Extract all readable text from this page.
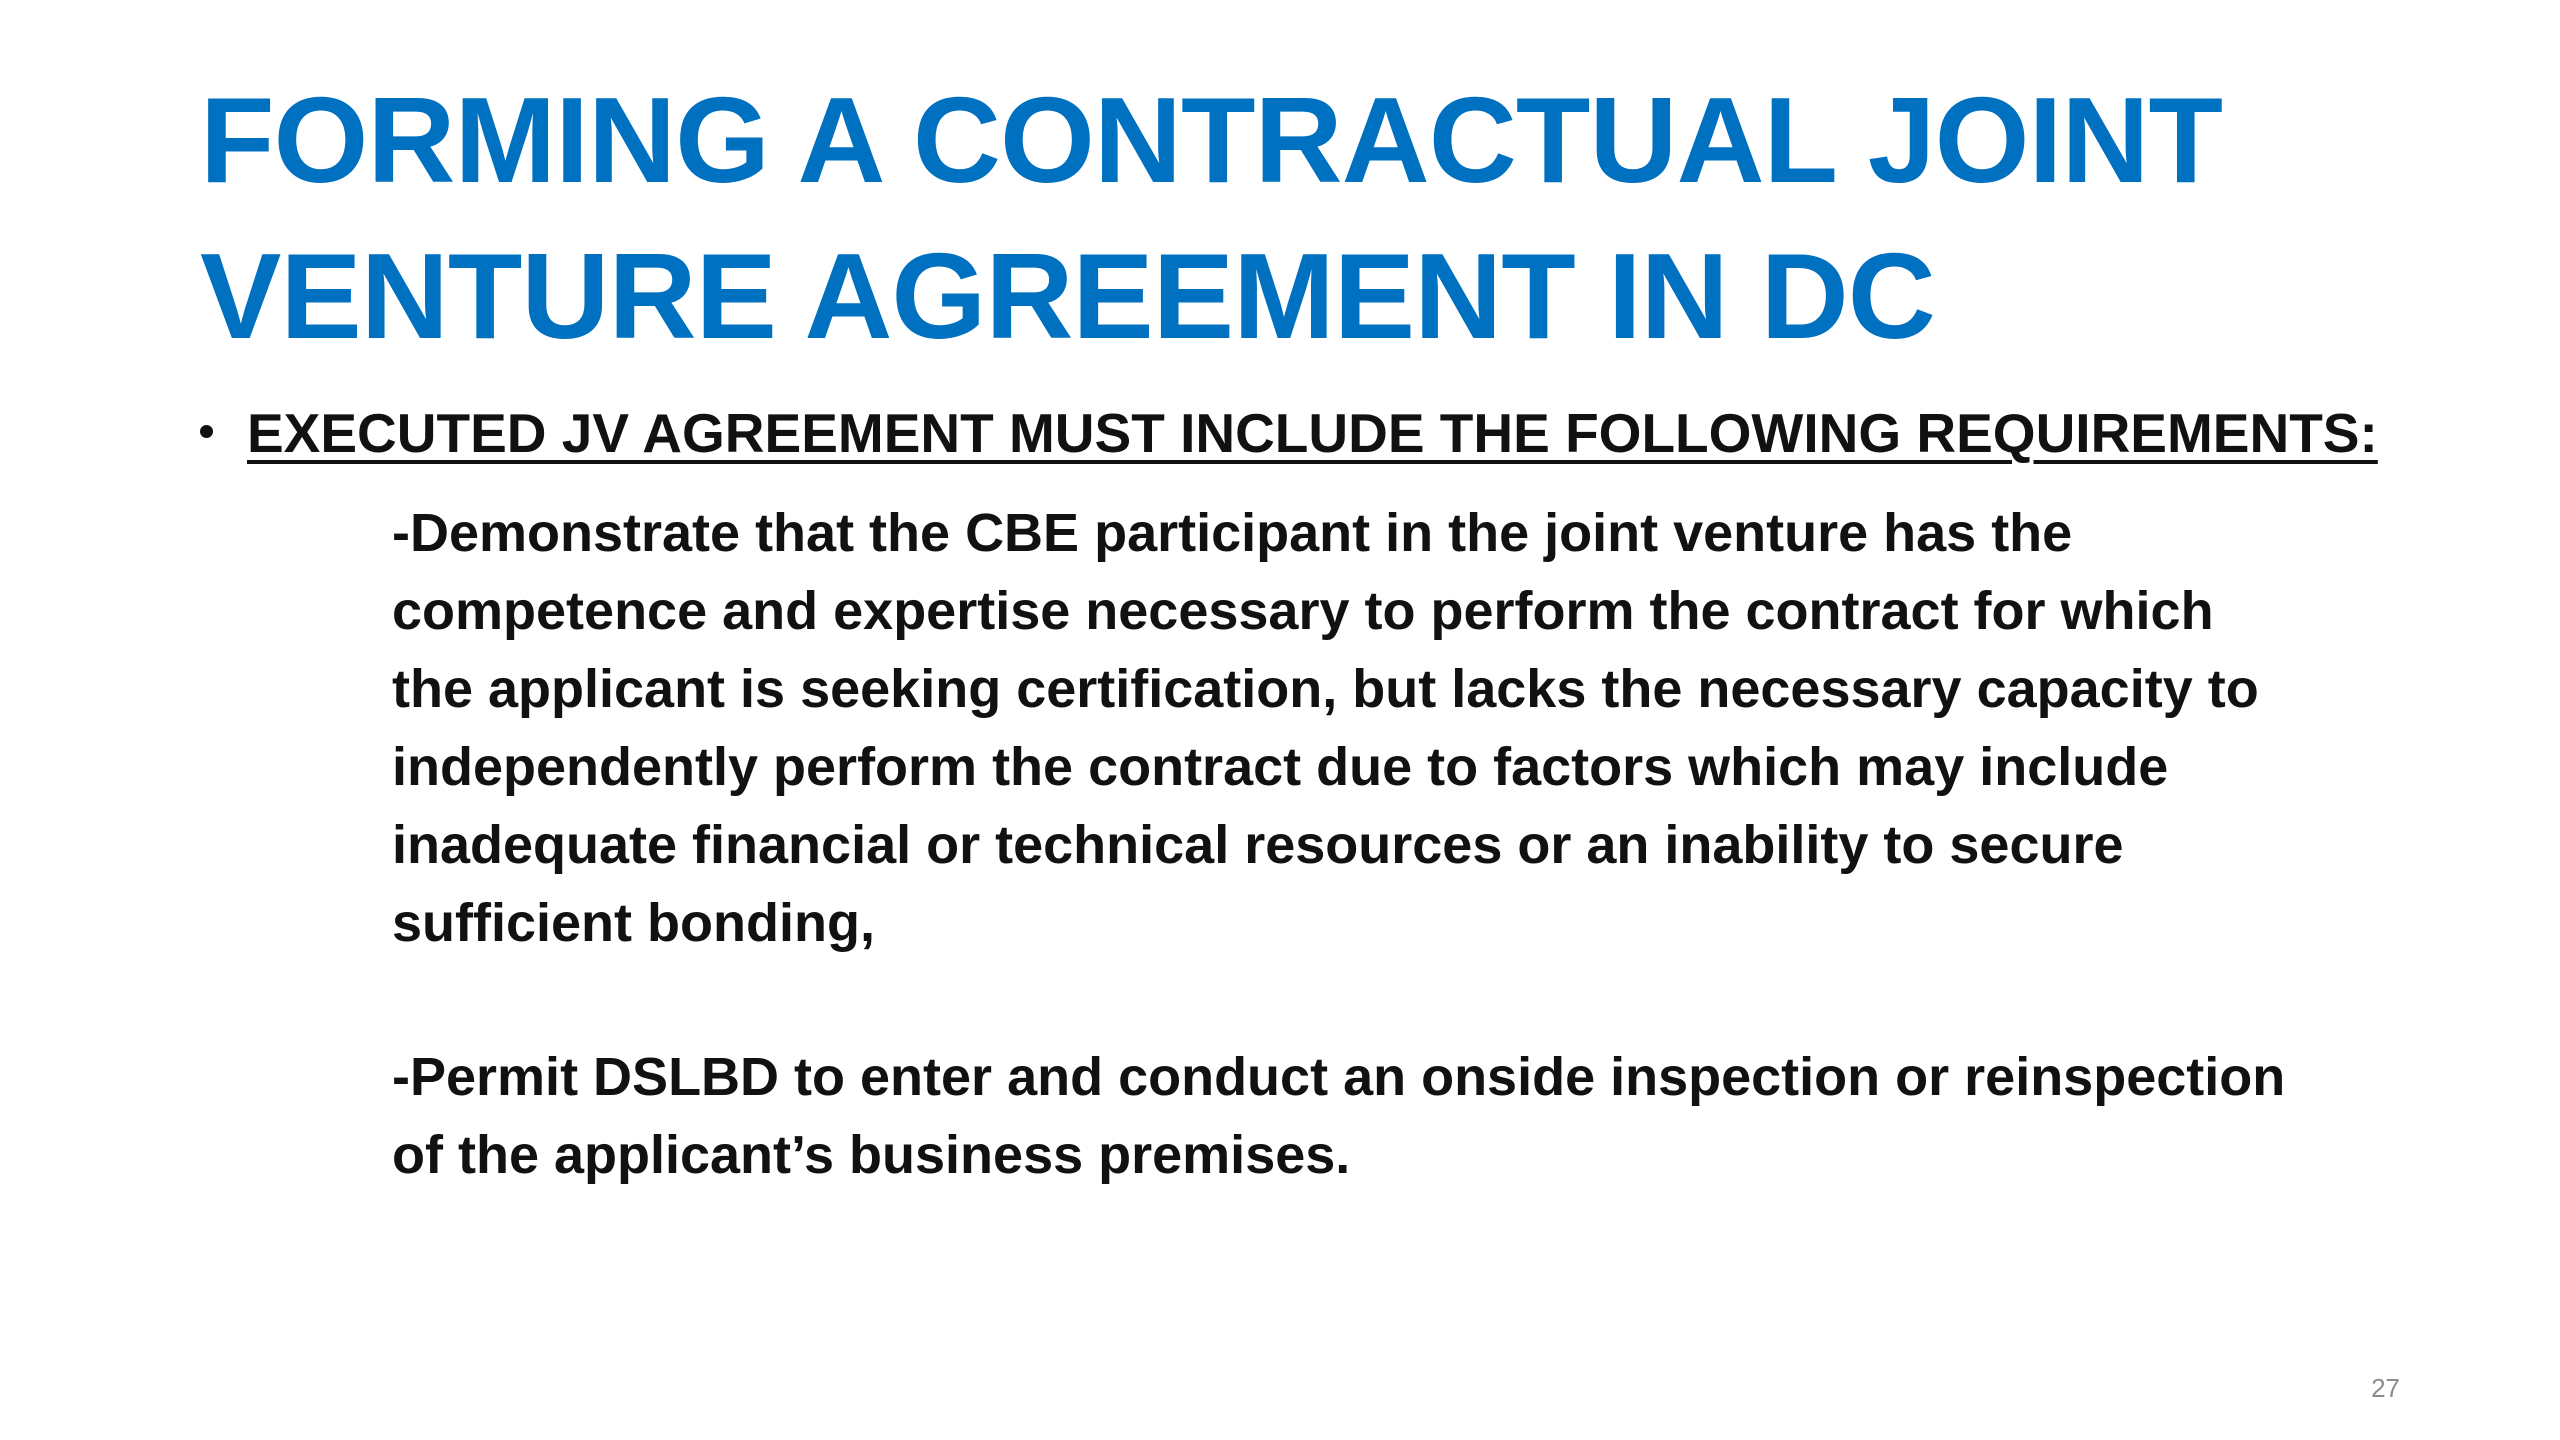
FORMING A CONTRACTUAL JOINT
VENTURE AGREEMENT IN DC
EXECUTED JV AGREEMENT MUST INCLUDE THE FOLLOWING REQUIREMENTS:

-Demonstrate that the CBE participant in the joint venture has the
competence and expertise necessary to perform the contract for which
the applicant is seeking certification, but lacks the necessary capacity to
independently perform the contract due to factors which may include
inadequate financial or technical resources or an inability to secure
sufficient bonding,

-Permit DSLBD to enter and conduct an onside inspection or reinspection
of the applicant’s business premises.

27
